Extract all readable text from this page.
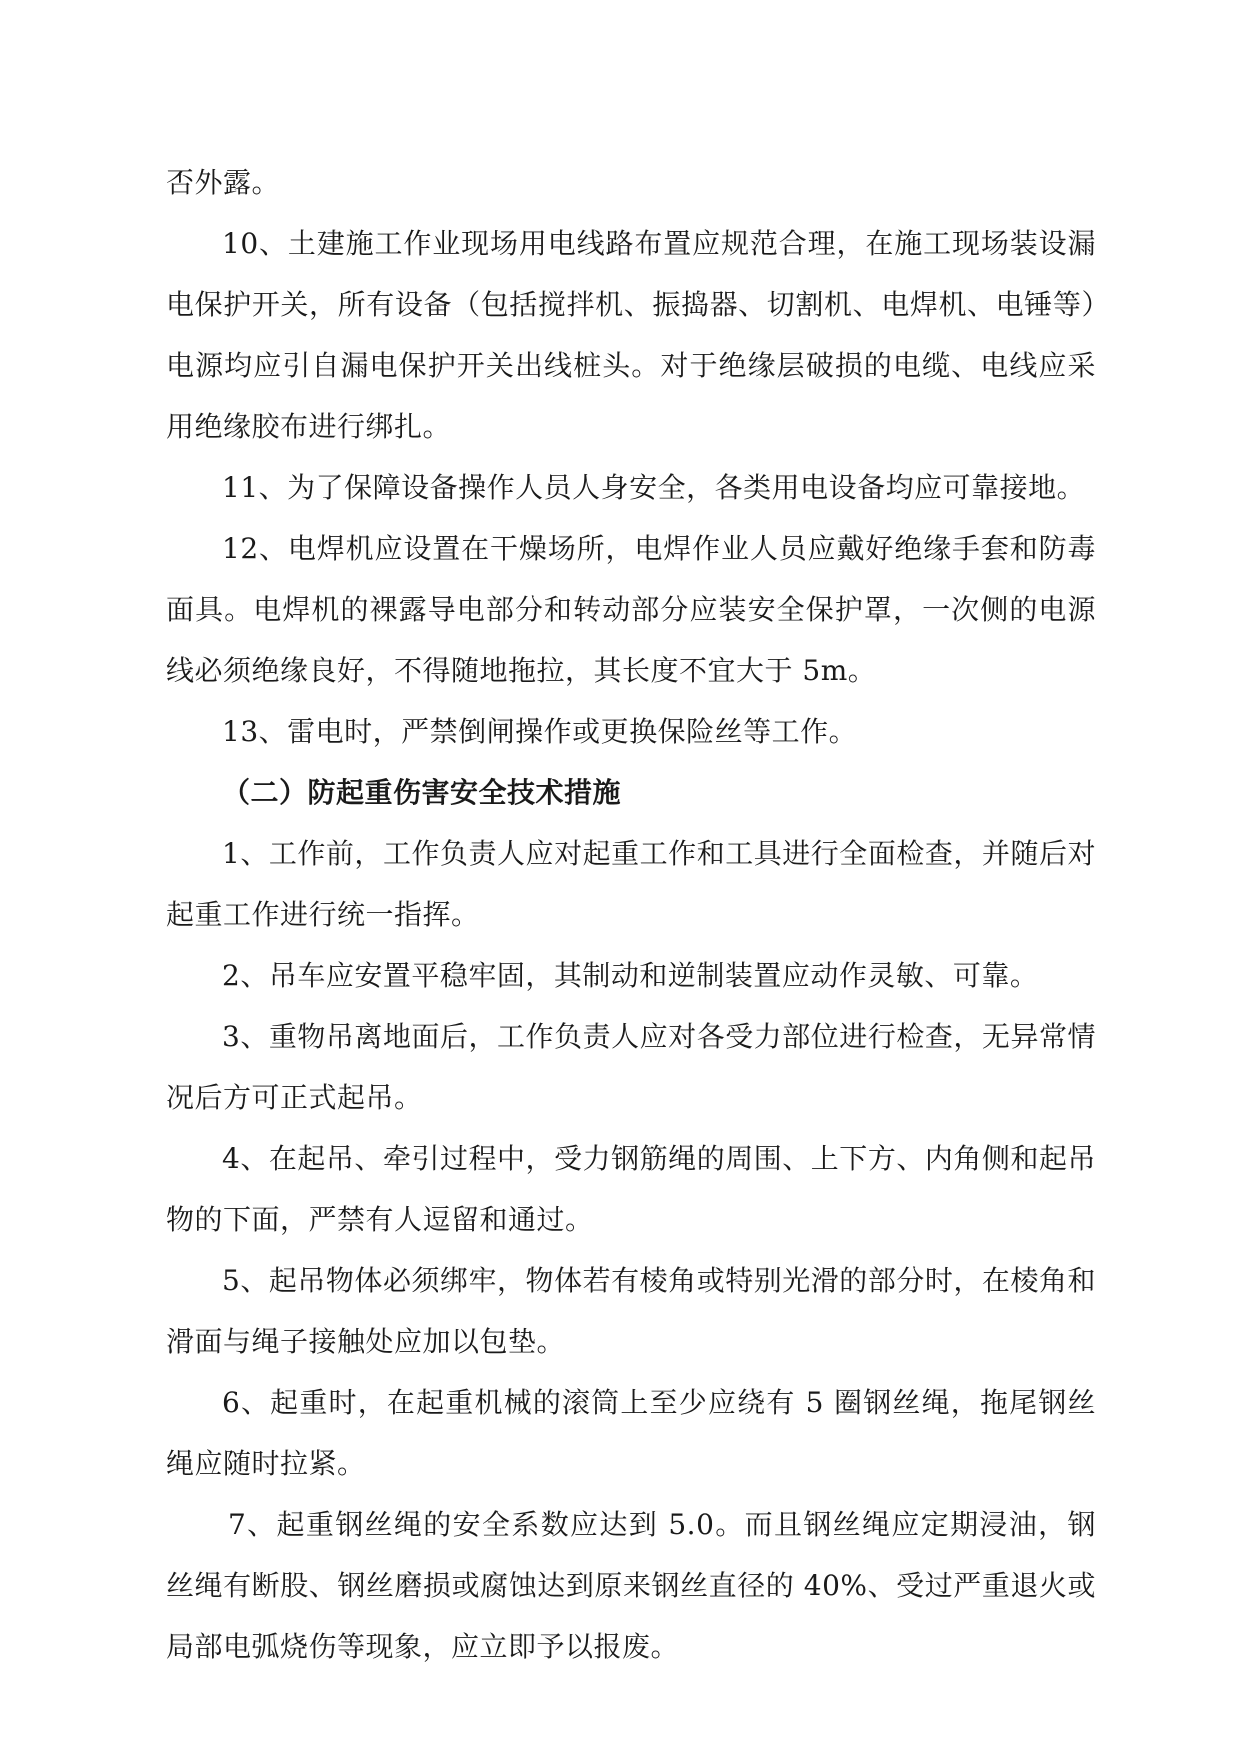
否外露。

10、土建施工作业现场用电线路布置应规范合理，在施工现场装设漏电保护开关，所有设备（包括搅拌机、振捣器、切割机、电焊机、电锤等）电源均应引自漏电保护开关出线桩头。对于绝缘层破损的电缆、电线应采用绝缘胶布进行绑扎。

11、为了保障设备操作人员人身安全，各类用电设备均应可靠接地。

12、电焊机应设置在干燥场所，电焊作业人员应戴好绝缘手套和防毒面具。电焊机的裸露导电部分和转动部分应装安全保护罩，一次侧的电源线必须绝缘良好，不得随地拖拉，其长度不宜大于 5m。

13、雷电时，严禁倒闸操作或更换保险丝等工作。

（二）防起重伤害安全技术措施

1、工作前，工作负责人应对起重工作和工具进行全面检查，并随后对起重工作进行统一指挥。

2、吊车应安置平稳牢固，其制动和逆制装置应动作灵敏、可靠。

3、重物吊离地面后，工作负责人应对各受力部位进行检查，无异常情况后方可正式起吊。

4、在起吊、牵引过程中，受力钢筋绳的周围、上下方、内角侧和起吊物的下面，严禁有人逗留和通过。

5、起吊物体必须绑牢，物体若有棱角或特别光滑的部分时，在棱角和滑面与绳子接触处应加以包垫。

6、起重时，在起重机械的滚筒上至少应绕有 5 圈钢丝绳，拖尾钢丝绳应随时拉紧。

7、起重钢丝绳的安全系数应达到 5.0。而且钢丝绳应定期浸油，钢丝绳有断股、钢丝磨损或腐蚀达到原来钢丝直径的 40%、受过严重退火或局部电弧烧伤等现象，应立即予以报废。
